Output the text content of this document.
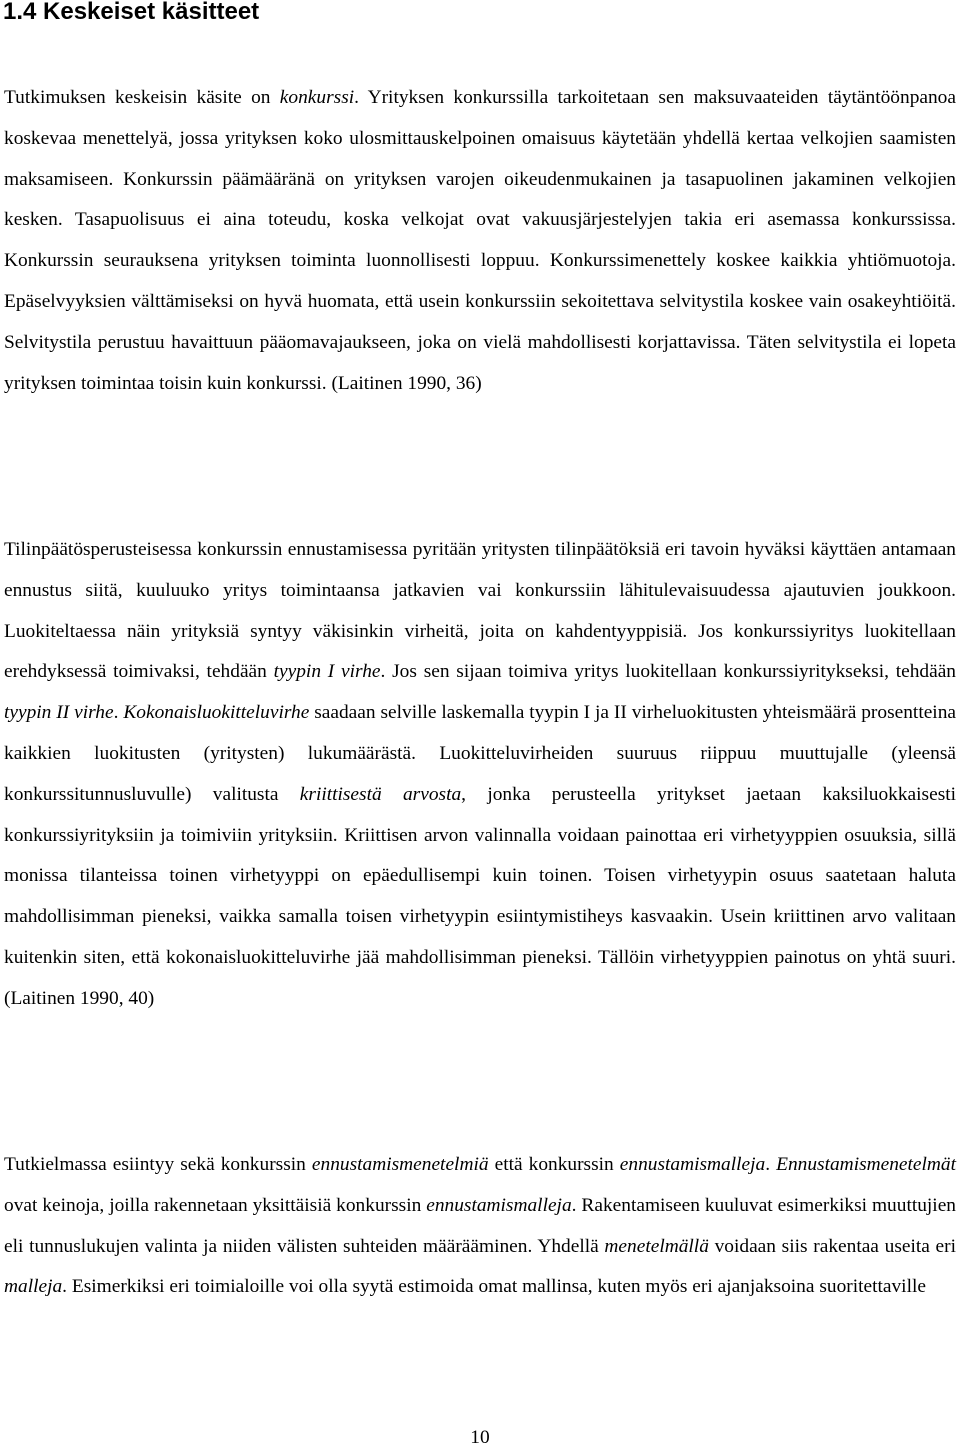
1.4 Keskeiset käsitteet

Tutkimuksen keskeisin käsite on konkurssi. Yrityksen konkurssilla tarkoitetaan sen maksuvaateiden täytäntöönpanoa koskevaa menettelyä, jossa yrityksen koko ulosmittauskelpoinen omaisuus käytetään yhdellä kertaa velkojien saamisten maksamiseen. Konkurssin päämääränä on yrityksen varojen oikeudenmukainen ja tasapuolinen jakaminen velkojien kesken. Tasapuolisuus ei aina toteudu, koska velkojat ovat vakuusjärjestelyjen takia eri asemassa konkurssissa. Konkurssin seurauksena yrityksen toiminta luonnollisesti loppuu. Konkurssimenettely koskee kaikkia yhtiömuotoja. Epäselvyyksien välttämiseksi on hyvä huomata, että usein konkurssiin sekoitettava selvitystila koskee vain osakeyhtiöitä. Selvitystila perustuu havaittuun pääomavajaukseen, joka on vielä mahdollisesti korjattavissa. Täten selvitystila ei lopeta yrityksen toimintaa toisin kuin konkurssi. (Laitinen 1990, 36)

Tilinpäätösperusteisessa konkurssin ennustamisessa pyritään yritysten tilinpäätöksiä eri tavoin hyväksi käyttäen antamaan ennustus siitä, kuuluuko yritys toimintaansa jatkavien vai konkurssiin lähitulevaisuudessa ajautuvien joukkoon. Luokiteltaessa näin yrityksiä syntyy väkisinkin virheitä, joita on kahdentyyppisiä. Jos konkurssiyritys luokitellaan erehdyksessä toimivaksi, tehdään tyypin I virhe. Jos sen sijaan toimiva yritys luokitellaan konkurssiyritykseksi, tehdään tyypin II virhe. Kokonaisluokitteluvirhe saadaan selville laskemalla tyypin I ja II virheluokitusten yhteismäärä prosentteina kaikkien luokitusten (yritysten) lukumäärästä. Luokitteluvirheiden suuruus riippuu muuttujalle (yleensä konkurssitunnusluvulle) valitusta kriittisestä arvosta, jonka perusteella yritykset jaetaan kaksiluokkaisesti konkurssiyrityksiin ja toimiviin yrityksiin. Kriittisen arvon valinnalla voidaan painottaa eri virhetyyppien osuuksia, sillä monissa tilanteissa toinen virhetyyppi on epäedullisempi kuin toinen. Toisen virhetyypin osuus saatetaan haluta mahdollisimman pieneksi, vaikka samalla toisen virhetyypin esiintymistiheys kasvaakin. Usein kriittinen arvo valitaan kuitenkin siten, että kokonaisluokitteluvirhe jää mahdollisimman pieneksi. Tällöin virhetyyppien painotus on yhtä suuri. (Laitinen 1990, 40)

Tutkielmassa esiintyy sekä konkurssin ennustamismenetelmiä että konkurssin ennustamismalleja. Ennustamismenetelmät ovat keinoja, joilla rakennetaan yksittäisiä konkurssin ennustamismalleja. Rakentamiseen kuuluvat esimerkiksi muuttujien eli tunnuslukujen valinta ja niiden välisten suhteiden määrääminen. Yhdellä menetelmällä voidaan siis rakentaa useita eri malleja. Esimerkiksi eri toimialoille voi olla syytä estimoida omat mallinsa, kuten myös eri ajanjaksoina suoritettaville

10
